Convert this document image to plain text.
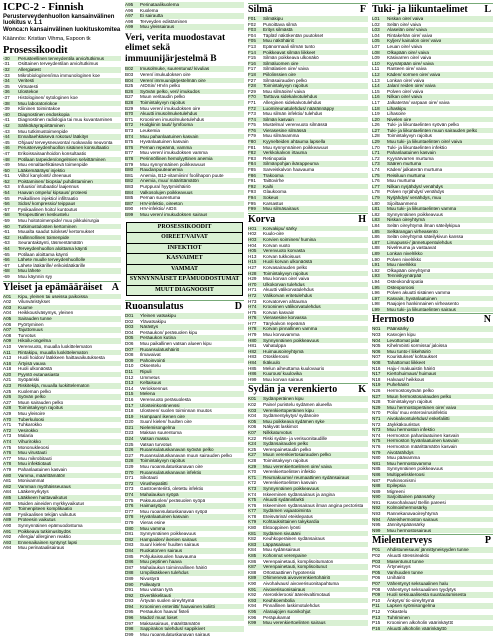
ICPC-2 - Finnish
Perusterveydenhuollon kansainvälinen luokitus v. 1.1
Wonca:n kansainvälinen luokituskomitea
Käännös: Kristian Vihma, Espoon tk
Prosessikoodit
-30	Perusteellinen terveydentila arvio/tutkimus
-31	Osittainen terveydentilan arvio/tutkimus
-32	Allergiatest
-33	Mikrobiologinen/ima immunologinen koe
-34	Veritesti
-35	Virtsatesti
-36	Ulostekoe
-37	Histologinen/ sytologinen koe
-38	Muu laboratoriokoe
-39	Kliininen toimintakoe
-40	Diagnostinen endoskopia
-41	Diagnostinen radiologia tai muu kuvantaminen
-42	Sähkökäyräpiirtäminen
-43	Muu tutkimustoimenpide
-44	Ennaltaehkäisevä rokotus/ lääkitys
-45	Ohjaus/ terveysneuvonta/ ruokavalio neuvonta
-46	Perusterveydenhuollon sisäinen konsultaatio
-47	Erikoissairaanhoidon konsultaatio
-48	Potilaan tarpeiden/ongelmien selvittäminen
-49	Muu ennaltaehkäisevä toimenpide
-50	Lääkemääräys/ injektio
-51	Viilto/ kanylointi/ dreenaus
-52	Poistaminen/ biopsia/ puhdistaminen
-53	Infuusio/ intubaatio/ laajennus
-54	Haavan ompelu/ kipsaus/ proteesi
-55	Paikallinen injektio/ infiltraatio
-56	Sidos/ kompressio/ teippaus
-57	Fysikaalinen hoito/ kuntoutus
-58	Terapeuttinen keskustelu
-59	Muu hoitotoimenpide/ muu pikkukirurgia
-60	Tutkimustulosten kertominen
-61	Muualta saadut tulokset/ kertomukset
-62	Hallinnollinen toimenpide
-63	Seurantakäynti, täsmentämätön
-64	Terveydenhuollon aloittama käynti
-65	Potilaan aloittama käynti
-66	Lähete muulle terveydenhuollolle
-67	Lähete lääkärille/ erikoislääkärille
-68	Muu lähete
-69	Muu käynnin syy
Yleiset ja epämääräiset A
A01	Kipu, yleinen tai useissa paikoissa
A02	Vilunväristykset
A03	Kuume
A04	Heikkous/väsymys, yleinen
A05	Sairauden tunne
A06	Pyörtyminen
A07	Tajuttomuus
A08	Turvotus
A09	Hikoilu-ongelma
A10	Verenvuoto, muualla luokittelematon
A11	Rintakipu, muualla luokittelematon
A13	Huoli hoidon/ lääkkeen haittavaikutuksesta
A16	Ärtyisä vauva
A18	Huoli ulkonäöstä
A20	Pyyntö eutanasiasta
A21	Syöpäriski
A23	Riskitekijä, muualla luokittelematon
A25	Kuoleman pelko
A26	Syövän pelko
A27	Muun sairauden pelko
A28	Toimintakyvyn rajoitus
A29	Muu yleisoire
A70	Tuberkuloosi
A71	Tuhkarokko
A72	Vesirokko
A73	Malaria
A74	Vihurirokko
A75	Mononukleoosi
A76	Muu virustauti
A77	Muu mikrobitauti
A78	Muu infektiotauti
A79	Pahanlaatuinen kasvain
A80	Vamma, määrittämätön
A81	Monivammat
A82	Vamman myöhäisseuraus
A84	Lääkemyrkytys
A85	Lääkkeen haittavaikutus
A86	Muiden aineiden myrkkyvaikutus
A87	Toimenpiteen komplikaatio
A88	Fysikaalisen tekijän vaikutus
A89	Proteesin vaikutus
A90	Synnynnäinen epämuodostuma
A91	Poikkeava tutkimuslöydös
A92	Allergia/ allerginen reaktio
A93	Ennenaikainen syntynyt lapsi
A94	Muu perinataalisairaus
A95	Perinataalikuolema
A96	Kuolema
A97	Ei sairautta
A98	Terveyden edistäminen
A99	Muu yleissairaus
Veri, verita muodostavat elimet sekä immuunijärjestelmä B
B02	Imusolmuke, suurentunut/ kivulias
B03	Veren/ imukudoksen oire
B04	Veren/ immuunijärjestelmän oire
B25	AIDSin/ HIVin pelko
B26	Syövän pelko, veri/ imukudos
B27	Muun veritaudin pelko
B28	Toimintakyvyn rajoitus
B29	Muu veren/ imukudoksen oire
B70	Akuutti imusolmuketulehdus
B71	Krooninen imusolmuketulehdus
B72	Hodgkinin tauti/ lymfooma
B73	Leukemia
B74	Muu pahanlaatuinen kasvain
B75	Hyvänlaatuinen kasvain
B76	Pernan repeämä, vamma
B77	Muu veren/ imukudoksen vamma
B78	Perinnöllinen hemolyyttinen anemia
B79	Muu synnynnäinen poikkeavuus
B80	Raudanpuuteanemia
B81	Anemia, B12-vitamiinin/ foolihapon puute
B82	Anemia, muu/ määrittämätön
B83	Purppura/ hyytymishäiriö
B84	Valkosolujen poikkeavuus
B85	Pernan suurentuma
B87	HIV-infektio, oireeton
B90	HIV-infektio/ AIDS
B99	Muu veren/ imukudoksen sairaus
PROSESSIKOODIT
OIREET/VAIVAT
INFEKTIOT
KASVAIMET
VAMMAT
SYNNYNNÄISET EPÄMUODOSTUMAT
MUUT DIAGNOOSIT
Ruoansulatus	D
D01	Yleinen vatsakipu
D02	Ylävatsakipu
D03	Närästys
D04	Peräaukon/ peräsuolen kipu
D05	Peräaukon kutina
D06	Muu paikallinen vatsan alueen kipu
D07	Ruoansulatushäiriö
D08	Ilmavaivat
D09	Pahoinvointi
D10	Oksentelu
D11	Ripuli
D12	Ummetus
D13	Keltaisuus
D14	Verioksennus
D15	Melena
D16	Verenvuoto peräsuolesta
D17	Ulosteinkontinenssi
D18	Ulosteen/ suolen toiminnan muutos
D19	Hampaan/ ikenen oire
D20	Suun/ kielen/ huulten oire
D21	Nielemisongelma
D23	Maksan suurentuma
D24	Vatsan massa
D25	Vatsan turvotus
D26	Ruoansulatuskanavan syövän pelko
D27	Ruoansulatuskanavan muun sairauden pelko
D28	Toimintakyvyn rajoitus
D29	Muu ruoansulatuskanavan oire
D70	Ruoansulatuskanavan infektio
D71	Sikotauti
D72	Virushepatiitti
D73	Gastroenteriitti, oletettu infektio
D74	Mahalaukun syöpä
D75	Paksusuolen/ peräsuolen syöpä
D76	Haimasyöpä
D77	Muu ruoansulatuskanavan syöpä
D78	Hyvänlaatuinen kasvain
D79	Vieras esine
D80	Muu vamma
D81	Synnynnäinen poikkeavuus
D82	Hampaiden/ ikenien sairaus
D83	Suun/ kielen/ huulten sairaus
D84	Ruokatorven sairaus
D85	Pohjukaissuolen haavauma
D86	Muu peptinen haava
D87	Mahalaukun toiminnallinen häiriö
D88	Umpilisäkkeen tulehdus
D89	Nivustyrä
D90	Palleatyrä
D91	Muu vatsan tyrä
D92	Divertikkelitauti
D93	Ärtyvän suolen oireyhtymä
D94	Krooninen enteriitti/ haavainen koliitti
D95	Peräaukon haava/ fisteli
D96	Madot/ muut loiset
D97	Maksasairaus, määrittämätön
D98	Sappirakon tulehdus/ sappikivet
D99	Muu ruoansulatuskanavan sairaus
Silmä	F
F01	Silmäkipu
F02	Punoittava silmä
F03	Eritys silmästä
F04	Täplät/ näkökentän puutokset
F05	Muu näköhäiriö
F13	Epänormaali silmän tunto
F14	Poikkeavat silmän liikkeet
F15	Silmän poikkeava ulkonäkö
F16	Silmäluomen oire
F17	Silmälasien oire/ vaiva
F18	Piilolinssien oire
F27	Silmäsairauden pelko
F28	Toimintakyvyn rajoitus
F29	Muu silmäoire/ vaiva
F70	Tarttuva sidekalvotulehdus
F71	Allerginen sidekalvotulehdus
F72	Luomireunatulehdus/ näärännäppy
F73	Muu silmän infektio/ tulehdus
F74	Silmän kasvain
F75	Mustelma/ verenvuoto silmässä
F76	Vierasesine silmässä
F79	Muu silmävamma
F80	Kyynelteiden ahtauma lapsella
F81	Muu synnynnäinen poikkeavuus
F82	Verkkokalvon irtauma
F83	Retinopatia
F84	Silmänpohjan ikärappeuma
F85	Sarveiskalvon haavauma
F86	Trakooma
F91	Taittovirhe
F92	Kaihi
F93	Glaukooma
F94	Sokeus
F95	Karsastus
F99	Muu silmäsairaus
Korva	H
H01	Korvakipu/ särky
H02	Kuulo-oire
H03	Korvien soiminen/ humina
H04	Korvan vuoto
H05	Verenvuoto korvasta
H13	Korvan tukkoisuus
H15	Huoli korvan ulkonäöstä
H27	Korvasairauden pelko
H28	Toimintakyvyn rajoitus
H29	Muu korvan oire/ vaiva
H70	Ulkokorvan tulehdus
H71	Akuutti välikorvatulehdus
H72	Välikorvan eritetulehdus
H73	Korvatorven ahtauma
H74	Krooninen välikorvatulehdus
H75	Korvan kasvain
H76	Vierasesine korvassa
H77	Tärykalvon repeämä
H78	Korvan pinnallinen vamma
H79	Muu korvavamma
H80	Synnynnäinen poikkeavuus
H81	Vahatulppa
H82	Huimausoireyhtymä
H83	Otoskleroosi
H84	Ikäkuulo
H85	Melun aiheuttama kuulovaurio
H86	Kuurous/ kuulovika
H99	Muu korvan sairaus
Sydän ja verenkierto K
K01	Sydänperäinen kipu
K02	Paine/ puristelu sydämen alueella
K03	Verenkiertoperäinen kipu
K04	Sydämentykytys/ sydänoire
K05	Muu poikkeava sydämen syke
K06	Näkyvät laskimot
K07	Nilkkaturvotus
K22	Riski sydän- ja verisuonitaudille
K24	Sydänsairauden pelko
K25	Verenpainetaudin pelko
K27	Muun verenkiertosairauden pelko
K28	Toimintakyvyn rajoitus
K29	Muu verenkiertoelimen oire/ vaiva
K70	Verenkiertoelinten infektio
K71	Reumakuume/ reumaattinen sydänsairaus
K72	Verenkiertoelinten kasvain
K73	Synnynnäinen poikkeavuus
K74	Iskeeminen sydänsairaus ja angina
K75	Akuutti sydäninfarkti
K76	Iskeeminen sydänsairaus ilman angina pectorista
K77	Sydämen vajaatoiminta
K78	Eteisvärinä/ eteislepatus
K79	Kohtauksittainen takykardia
K80	Ektooppinen lyönti
K81	Sydämen sivuääni
K82	Keuhkoperäinen sydänsairaus
K83	Läppäsairaus
K84	Muu sydänsairaus
K85	Kohonnut verenpaine
K86	Verenpainetauti, komplisoitumaton
K87	Verenpainetauti, komplisoitunut
K88	Ortostaattinen hypotensio
K89	Ohimenevä aivoverenkiertohäiriö
K90	Aivohalvaus/ aivoverisuonitapahtuma
K91	Aivoverisuonisairaus
K92	Ateroskleroosi/ ääreisvaltimotauti
K93	Keuhkoembolia
K94	Pinnallinen laskimotulehdus
K95	Alaraajojen suonikohjut
K96	Peräpukamat
K99	Muu verenkiertoelinten sairaus
Tuki- ja liikuntaelimet L
L01	Niskan oire/ vaiva
L02	Selän oire/ vaiva
L03	Alaselän oire/ vaiva
L04	Rintakehän oire/ vaiva
L05	Kyljen/ kainalon oire/ vaiva
L07	Leuan oire/ vaiva
L08	Olkapään oire/ vaiva
L09	Käsivarren oire/ vaiva
L10	Kyynärpään oire/ vaiva
L11	Ranteen oire/ vaiva
L12	Käden/ sormen oire/ vaiva
L13	Lonkan oire/ vaiva
L14	Jalan/ reiden oire/ vaiva
L15	Polven oire/ vaiva
L16	Nilkan oire/ vaiva
L17	Jalkaterän/ varpaan oire/ vaiva
L18	Lihaskipu
L19	Lihasoire
L20	Nivelen oire
L26	Tuki- ja liikuntaelinten syövän pelko
L27	Tuki- ja liikuntaelinten muun sairauden pelko
L28	Toimintakyvyn rajoitus
L29	Muu tuki- ja liikuntaelinten oire/ vaiva
L70	Tuki- ja liikuntaelinten infektio
L71	Pahanlaatuinen kasvain
L72	Kyynärvarren murtuma
L73	Säären murtuma
L74	Käden/ jalkaterän murtuma
L75	Reisiluun murtuma
L76	Muu murtuma
L77	Nilkan nyrjähdys/ venähdys
L78	Polven nyrjähdys/ venähdys
L79	Nyrjähdys/ venähdys, muu
L80	Sijoiltaanmeno
L81	Muu tuki- ja liikuntaelinten vamma
L82	Synnynnäinen poikkeavuus
L83	Niskan oireyhtymä
L84	Selän oireyhtymä ilman säteilykipua
L85	Selkärangan virheasento
L86	Selän oireyhtymä säteilykivun kanssa
L87	Limapussi-/ jännetupentulehdus
L88	Nivelreuma ja vastaavat
L89	Lonkan nivelrikko
L90	Polven nivelrikko
L91	Muu nivelrikko
L92	Olkapään oireyhtymä
L93	Tenniskyynärpää
L94	Osteokondropatia
L95	Osteoporoosi
L96	Polven akuutti sisäinen vamma
L97	Kasvain, hyvänlaatuinen
L98	Raajojen hankinnainen virheasento
L99	Muu tuki- ja liikuntaelinten sairaus
Hermosto	N
N01	Päänsärky
N03	Kasvojen kipu
N04	Levottomat jalat
N05	Kihelmöinti sormissa/ jaloissa
N06	Muu tunto-/ liikehäiriö
N07	Kouristukset/ kohtaukset
N08	Tahattomat liikkeet
N16	Haju-/ makuaistin häiriö
N17	Kiertohuimaus/ huimaus
N18	Halvaus/ heikkous
N19	Puhehäiriö
N26	Hermostosyövän pelko
N27	Muun hermostosairauden pelko
N28	Toimintakyvyn rajoitus
N29	Muu hermostoperäinen oire/ vaiva
N70	Polio/ muu enterovirusinfektio
N71	Aivokalvontulehdus/ enkefaliitti
N72	Jäykkäkouristus
N73	Muu hermoston infektio
N74	Hermoston pahanlaatuinen kasvain
N75	Hermoston hyvänlaatuinen kasvain
N76	Hermoston määrittämätön kasvain
N79	Aivotärähdys
N80	Muu päävamma
N81	Muu hermostovamma
N85	Synnynnäinen poikkeavuus
N86	Multippeliskleroosi
N87	Parkinsonismi
N88	Epilepsia
N89	Migreeni
N90	Sarjoittainen päänsärky
N91	Kasvohalvaus/ Bellin pareesi
N92	Kolmoishermosärky
N93	Rannekanavaoireyhtymä
N94	Ääreishermoston sairaus
N95	Jännityspäänsärky
N99	Muu hermostosairaus
Mielenterveys	P
P01	Ahdistuneisuus/ jännittyneisyyden tunne
P02	Akuutti stressireaktio
P03	Masentunut tunne
P04	Ärtyneisyys
P05	Vanhuuden tunne
P06	Unihäiriö
P07	Vähentynyt seksuaalinen halu
P08	Vähentynyt seksuaalinen tyydytys
P09	Huoli seksuaalisesta suuntautumisesta
P10	Änkytys/ tic-oireyhtymä
P11	Lapsen syömisongelma
P12	Yökastelu
P13	Tuhriminen
P15	Krooninen alkoholin väärinkäyttö
P16	Akuutti alkoholin väärinkäyttö
